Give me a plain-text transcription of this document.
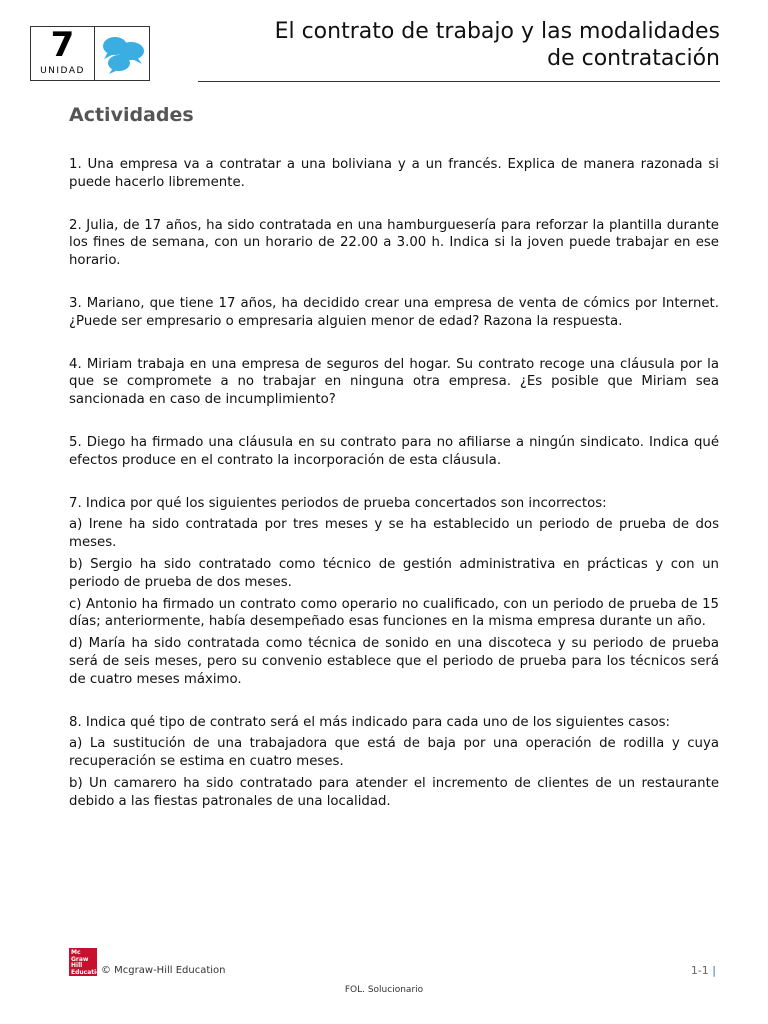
7
UNIDAD
El contrato de trabajo y las modalidades
de contratación
Actividades

1. Una empresa va a contratar a una boliviana y a un francés. Explica de manera razonada si puede hacerlo libremente.

2. Julia, de 17 años, ha sido contratada en una hamburguesería para reforzar la plantilla durante los fines de semana, con un horario de 22.00 a 3.00 h. Indica si la joven puede trabajar en ese horario.

3. Mariano, que tiene 17 años, ha decidido crear una empresa de venta de cómics por Internet. ¿Puede ser empresario o empresaria alguien menor de edad? Razona la respuesta.

4. Miriam trabaja en una empresa de seguros del hogar. Su contrato recoge una cláusula por la que se compromete a no trabajar en ninguna otra empresa. ¿Es posible que Miriam sea sancionada en caso de incumplimiento?

5. Diego ha firmado una cláusula en su contrato para no afiliarse a ningún sindicato. Indica qué efectos produce en el contrato la incorporación de esta cláusula.

7. Indica por qué los siguientes periodos de prueba concertados son incorrectos:

a) Irene ha sido contratada por tres meses y se ha establecido un periodo de prueba de dos meses.

b) Sergio ha sido contratado como técnico de gestión administrativa en prácticas y con un periodo de prueba de dos meses.

c) Antonio ha firmado un contrato como operario no cualificado, con un periodo de prueba de 15 días; anteriormente, había desempeñado esas funciones en la misma empresa durante un año.

d) María ha sido contratada como técnica de sonido en una discoteca y su periodo de prueba será de seis meses, pero su convenio establece que el periodo de prueba para los técnicos será de cuatro meses máximo.

8. Indica qué tipo de contrato será el más indicado para cada uno de los siguientes casos:

a) La sustitución de una trabajadora que está de baja por una operación de rodilla y cuya recuperación se estima en cuatro meses.

b) Un camarero ha sido contratado para atender el incremento de clientes de un restaurante debido a las fiestas patronales de una localidad.

Mc Graw Hill Education
© Mcgraw-Hill Education	1-1 |
FOL. Solucionario
